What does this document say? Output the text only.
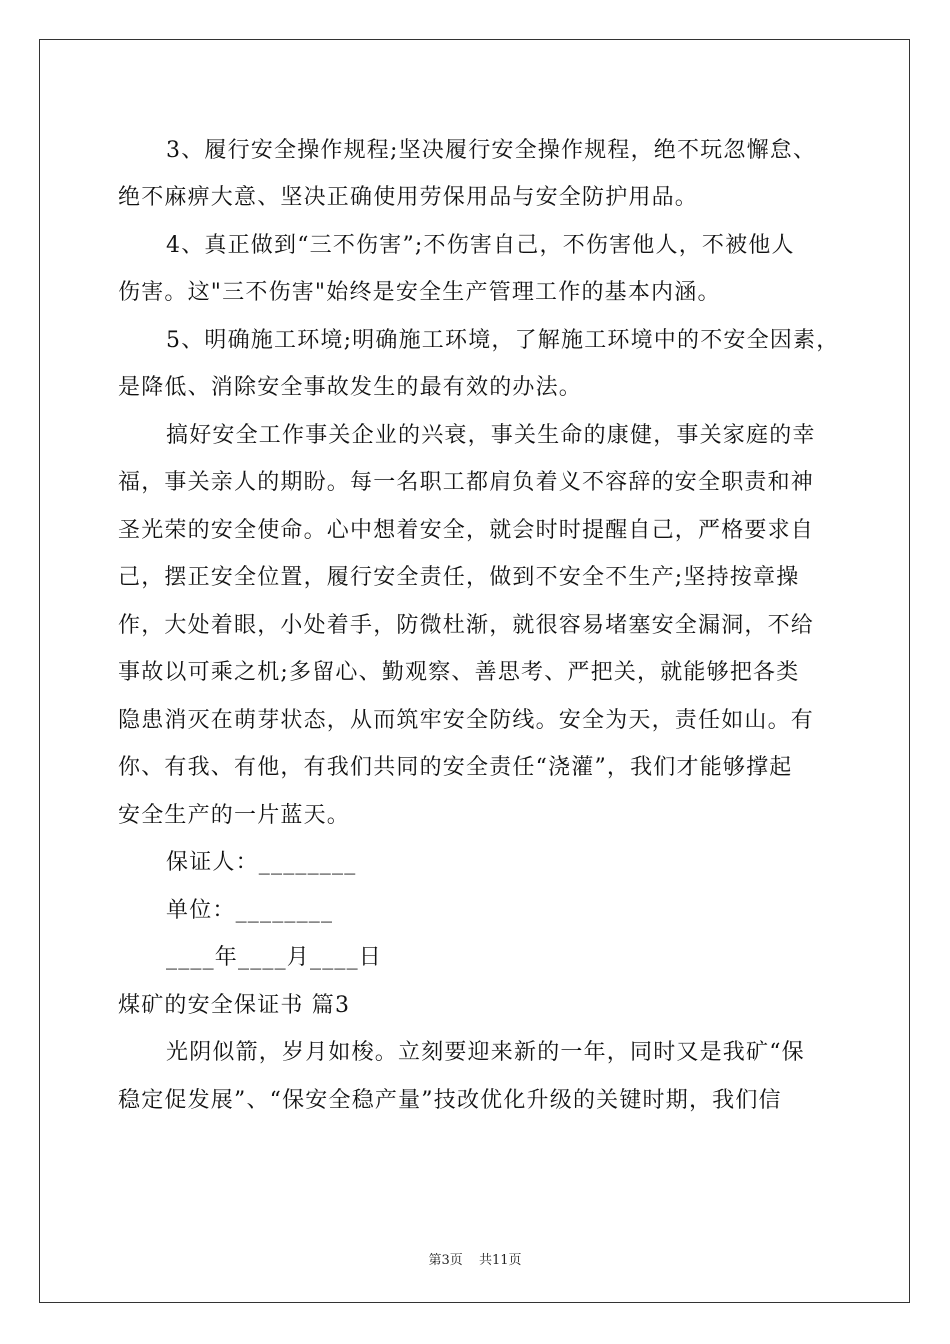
3、履行安全操作规程;坚决履行安全操作规程，绝不玩忽懈怠、
绝不麻痹大意、坚决正确使用劳保用品与安全防护用品。
4、真正做到“三不伤害”;不伤害自己，不伤害他人，不被他人
伤害。这"三不伤害"始终是安全生产管理工作的基本内涵。
5、明确施工环境;明确施工环境，了解施工环境中的不安全因素，
是降低、消除安全事故发生的最有效的办法。
搞好安全工作事关企业的兴衰，事关生命的康健，事关家庭的幸
福，事关亲人的期盼。每一名职工都肩负着义不容辞的安全职责和神
圣光荣的安全使命。心中想着安全，就会时时提醒自己，严格要求自
己，摆正安全位置，履行安全责任，做到不安全不生产;坚持按章操
作，大处着眼，小处着手，防微杜渐，就很容易堵塞安全漏洞，不给
事故以可乘之机;多留心、勤观察、善思考、严把关，就能够把各类
隐患消灭在萌芽状态，从而筑牢安全防线。安全为天，责任如山。有
你、有我、有他，有我们共同的安全责任“浇灌”，我们才能够撑起
安全生产的一片蓝天。
保证人：________
单位：________
____年____月____日
煤矿的安全保证书 篇3
光阴似箭，岁月如梭。立刻要迎来新的一年，同时又是我矿“保
稳定促发展”、“保安全稳产量”技改优化升级的关键时期，我们信
第3页 共11页
